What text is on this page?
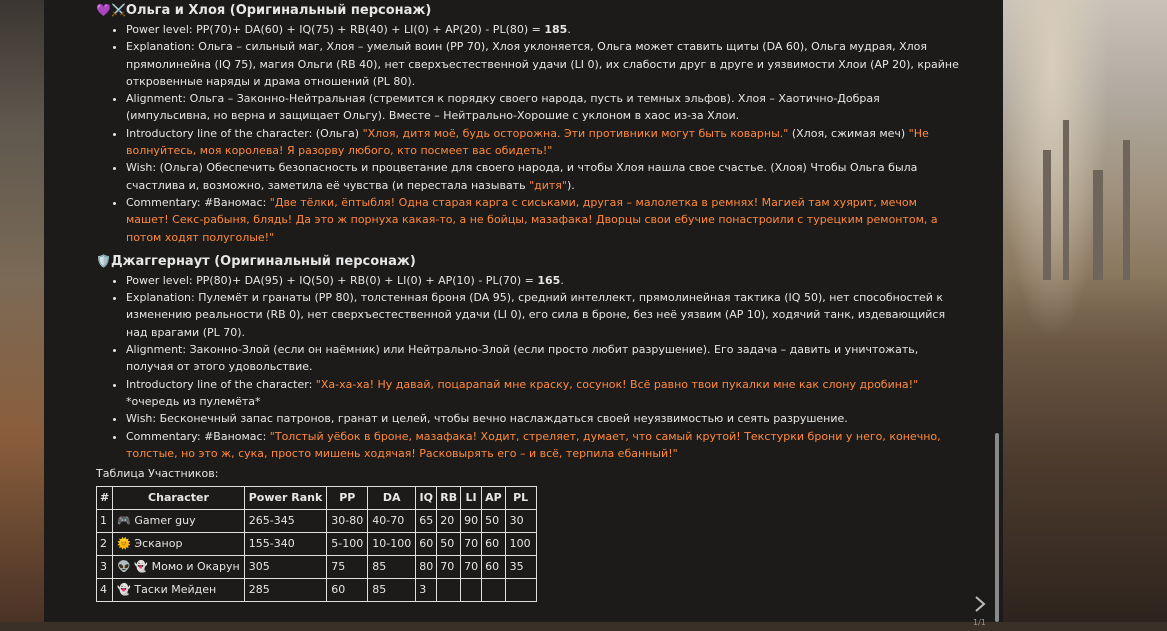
💜⚔️Ольга и Хлоя (Оригинальный персонаж)
• Power level: PP(70)+ DA(60) + IQ(75) + RB(40) + LI(0) + AP(20) - PL(80) = 185.
• Explanation: Ольга – сильный маг, Хлоя – умелый воин (PP 70), Хлоя уклоняется, Ольга может ставить щиты (DA 60), Ольга мудрая, Хлоя прямолинейна (IQ 75), магия Ольги (RB 40), нет сверхъестественной удачи (LI 0), их слабости друг в друге и уязвимости Хлои (AP 20), крайне откровенные наряды и драма отношений (PL 80).
• Alignment: Ольга – Законно-Нейтральная (стремится к порядку своего народа, пусть и темных эльфов). Хлоя – Хаотично-Добрая (импульсивна, но верна и защищает Ольгу). Вместе – Нейтрально-Хорошие с уклоном в хаос из-за Хлои.
• Introductory line of the character: (Ольга) "Хлоя, дитя моё, будь осторожна. Эти противники могут быть коварны." (Хлоя, сжимая меч) "Не волнуйтесь, моя королева! Я разорву любого, кто посмеет вас обидеть!"
• Wish: (Ольга) Обеспечить безопасность и процветание для своего народа, и чтобы Хлоя нашла свое счастье. (Хлоя) Чтобы Ольга была счастлива и, возможно, заметила её чувства (и перестала называть "дитя").
• Commentary: #Ваномас: "Две тёлки, ёптыбля! Одна старая карга с сиськами, другая – малолетка в ремнях! Магией там хуярит, мечом машет! Секс-рабыня, блядь! Да это ж порнуха какая-то, а не бойцы, мазафака! Дворцы свои ебучие понастроили с турецким ремонтом, а потом ходят полуголые!"
🛡️Джаггернаут (Оригинальный персонаж)
• Power level: PP(80)+ DA(95) + IQ(50) + RB(0) + LI(0) + AP(10) - PL(70) = 165.
• Explanation: Пулемёт и гранаты (PP 80), толстенная броня (DA 95), средний интеллект, прямолинейная тактика (IQ 50), нет способностей к изменению реальности (RB 0), нет сверхъестественной удачи (LI 0), его сила в броне, без неё уязвим (AP 10), ходячий танк, издевающийся над врагами (PL 70).
• Alignment: Законно-Злой (если он наёмник) или Нейтрально-Злой (если просто любит разрушение). Его задача – давить и уничтожать, получая от этого удовольствие.
• Introductory line of the character: "Ха-ха-ха! Ну давай, поцарапай мне краску, сосунок! Всё равно твои пукалки мне как слону дробина!" *очередь из пулемёта*
• Wish: Бесконечный запас патронов, гранат и целей, чтобы вечно наслаждаться своей неуязвимостью и сеять разрушение.
• Commentary: #Ваномас: "Толстый уёбок в броне, мазафака! Ходит, стреляет, думает, что самый крутой! Текстурки брони у него, конечно, толстые, но это ж, сука, просто мишень ходячая! Расковырять его – и всё, терпила ебанный!"
Таблица Участников:
#	Character	Power Rank	PP	DA	IQ	RB	LI	AP	PL
1	🎮 Gamer guy	265-345	30-80	40-70	65	20	90	50	30
2	🌞 Эсканор	155-340	5-100	10-100	60	50	70	60	100
3	👽 👻 Момо и Окарун	305	75	85	80	70	70	60	35
4	👻 Таски Мейден	285	60	85	3				
1/1
